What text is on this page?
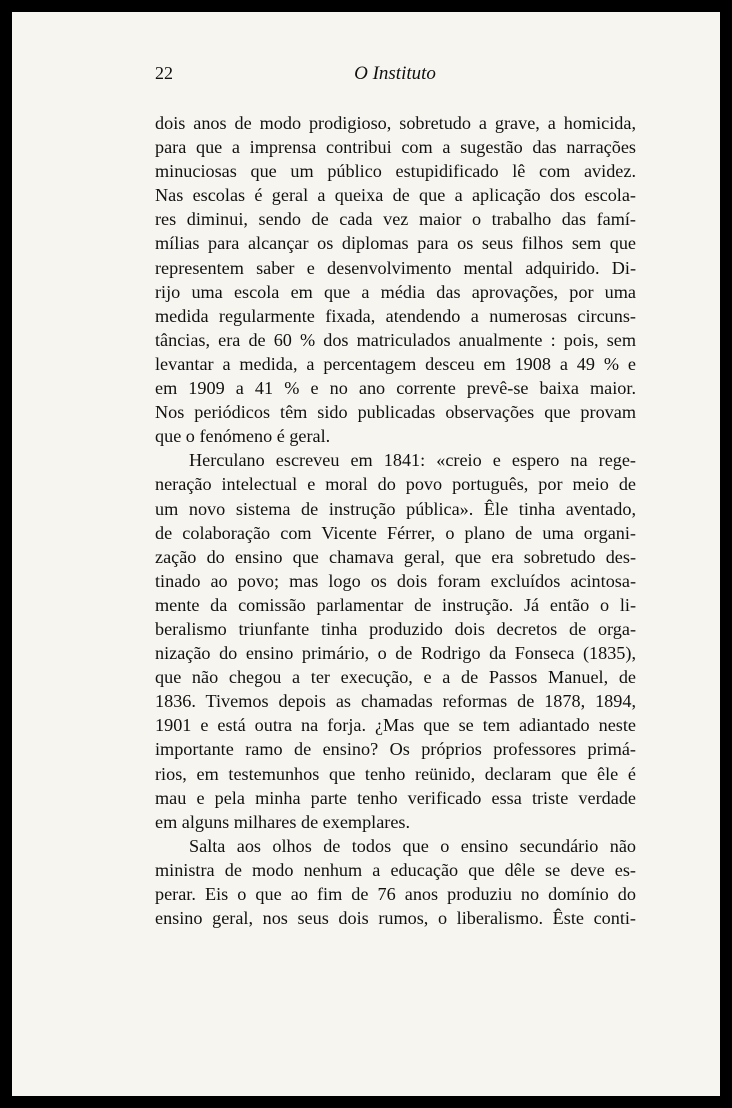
22	O Instituto
dois anos de modo prodigioso, sobretudo a grave, a homicida,
para que a imprensa contribui com a sugestão das narrações
minuciosas que um público estupidificado lê com avidez.
Nas escolas é geral a queixa de que a aplicação dos escola-
res diminui, sendo de cada vez maior o trabalho das famí-
mílias para alcançar os diplomas para os seus filhos sem que
representem saber e desenvolvimento mental adquirido. Di-
rijo uma escola em que a média das aprovações, por uma
medida regularmente fixada, atendendo a numerosas circuns-
tâncias, era de 60 % dos matriculados anualmente : pois, sem
levantar a medida, a percentagem desceu em 1908 a 49 % e
em 1909 a 41 % e no ano corrente prevê-se baixa maior.
Nos periódicos têm sido publicadas observações que provam
que o fenómeno é geral.
Herculano escreveu em 1841: «creio e espero na rege-
neração intelectual e moral do povo português, por meio de
um novo sistema de instrução pública». Êle tinha aventado,
de colaboração com Vicente Férrer, o plano de uma organi-
zação do ensino que chamava geral, que era sobretudo des-
tinado ao povo; mas logo os dois foram excluídos acintosa-
mente da comissão parlamentar de instrução. Já então o li-
beralismo triunfante tinha produzido dois decretos de orga-
nização do ensino primário, o de Rodrigo da Fonseca (1835),
que não chegou a ter execução, e a de Passos Manuel, de
1836. Tivemos depois as chamadas reformas de 1878, 1894,
1901 e está outra na forja. ¿Mas que se tem adiantado neste
importante ramo de ensino? Os próprios professores primá-
rios, em testemunhos que tenho reünido, declaram que êle é
mau e pela minha parte tenho verificado essa triste verdade
em alguns milhares de exemplares.
Salta aos olhos de todos que o ensino secundário não
ministra de modo nenhum a educação que dêle se deve es-
perar. Eis o que ao fim de 76 anos produziu no domínio do
ensino geral, nos seus dois rumos, o liberalismo. Êste conti-
